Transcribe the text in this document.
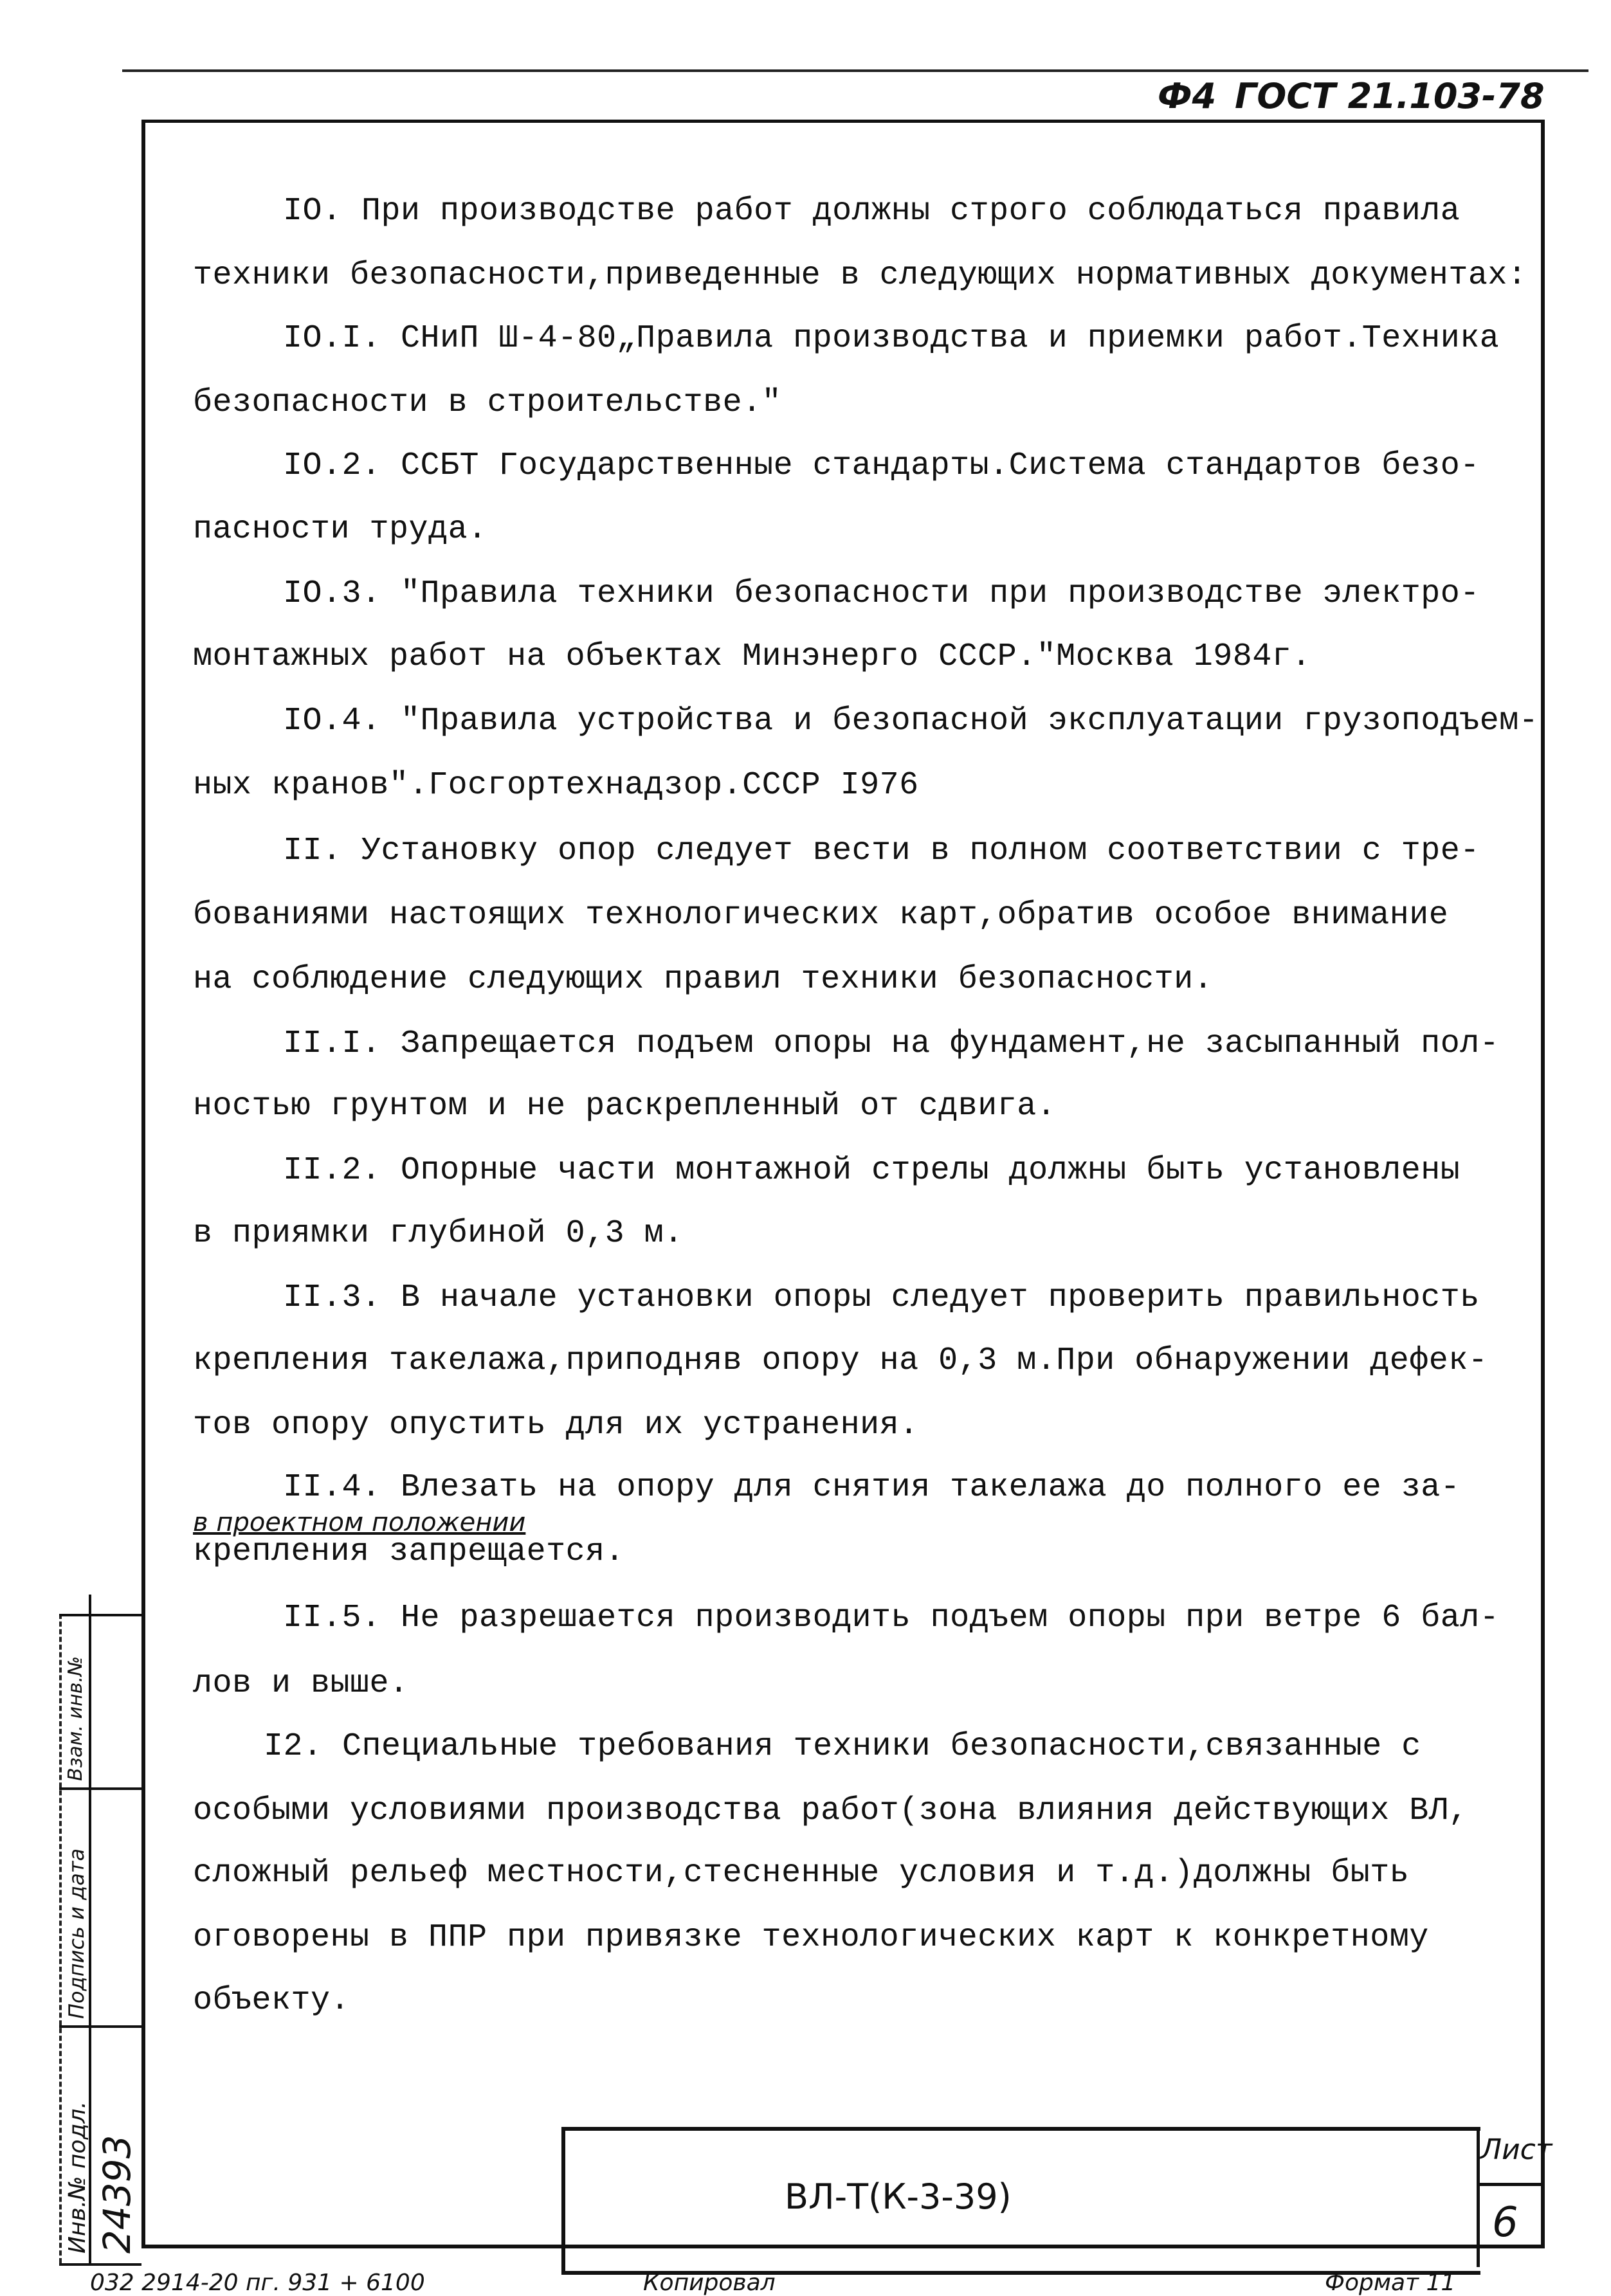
Ф4 ГОСТ 21.103-78
IO. При производстве работ должны строго соблюдаться правила
техники безопасности,приведенные в следующих нормативных документах:
IO.I. СНиП Ш-4-80„Правила производства и приемки работ.Техника
безопасности в строительстве."
IO.2. ССБТ Государственные стандарты.Система стандартов безо-
пасности труда.
IO.3. "Правила техники безопасности при производстве электро-
монтажных работ на объектах Минэнерго СССР."Москва 1984г.
IO.4. "Правила устройства и безопасной эксплуатации грузоподъем-
ных кранов".Госгортехнадзор.СССР I976
II. Установку опор следует вести в полном соответствии с тре-
бованиями настоящих технологических карт,обратив особое внимание
на соблюдение следующих правил техники безопасности.
II.I. Запрещается подъем опоры на фундамент,не засыпанный пол-
ностью грунтом и не раскрепленный от сдвига.
II.2. Опорные части монтажной стрелы должны быть установлены
в приямки глубиной 0,3 м.
II.3. В начале установки опоры следует проверить правильность
крепления такелажа,приподняв опору на 0,3 м.При обнаружении дефек-
тов опору опустить для их устранения.
II.4. Влезать на опору для снятия такелажа до полного ее за-
крепления запрещается.
II.5. Не разрешается производить подъем опоры при ветре 6 бал-
лов и выше.
I2. Специальные требования техники безопасности,связанные с
особыми условиями производства работ(зона влияния действующих ВЛ,
сложный рельеф местности,стесненные условия и т.д.)должны быть
оговорены в ППР при привязке технологических карт к конкретному
объекту.
в проектном положении
ВЛ-Т(К-3-39)
Лист
6
Инв.№ подл. 24393
Подпись и дата
Взам. инв.№
032 2914-20 пг. 931 + 6100	Копировал	Формат 11
